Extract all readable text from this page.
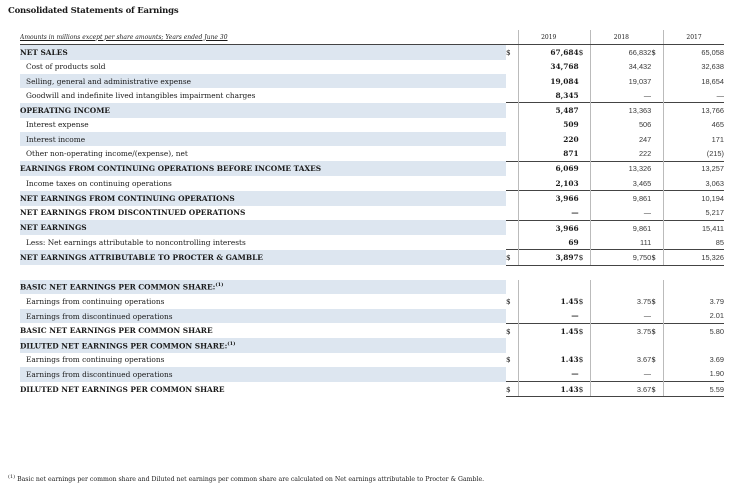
Consolidated Statements of Earnings
Amounts in millions except per share amounts; Years ended June 30		2019		2018		2017
NET SALES	$	67,684	$	66,832	$	65,058
Cost of products sold		34,768		34,432		32,638
Selling, general and administrative expense		19,084		19,037		18,654
Goodwill and indefinite lived intangibles impairment charges		8,345		—		—
OPERATING INCOME		5,487		13,363		13,766
Interest expense		509		506		465
Interest income		220		247		171
Other non-operating income/(expense), net		871		222		(215)
EARNINGS FROM CONTINUING OPERATIONS BEFORE INCOME TAXES		6,069		13,326		13,257
Income taxes on continuing operations		2,103		3,465		3,063
NET EARNINGS FROM CONTINUING OPERATIONS		3,966		9,861		10,194
NET EARNINGS FROM DISCONTINUED OPERATIONS		—		—		5,217
NET EARNINGS		3,966		9,861		15,411
Less: Net earnings attributable to noncontrolling interests		69		111		85
NET EARNINGS ATTRIBUTABLE TO PROCTER & GAMBLE	$	3,897	$	9,750	$	15,326

BASIC NET EARNINGS PER COMMON SHARE:$^{(1)}$						
Earnings from continuing operations	$	1.45	$	3.75	$	3.79
Earnings from discontinued operations		—		—		2.01
BASIC NET EARNINGS PER COMMON SHARE	$	1.45	$	3.75	$	5.80
DILUTED NET EARNINGS PER COMMON SHARE:$^{(1)}$						
Earnings from continuing operations	$	1.43	$	3.67	$	3.69
Earnings from discontinued operations		—		—		1.90
DILUTED NET EARNINGS PER COMMON SHARE	$	1.43	$	3.67	$	5.59
$^{(1)}$ Basic net earnings per common share and Diluted net earnings per common share are calculated on Net earnings attributable to Procter & Gamble.
